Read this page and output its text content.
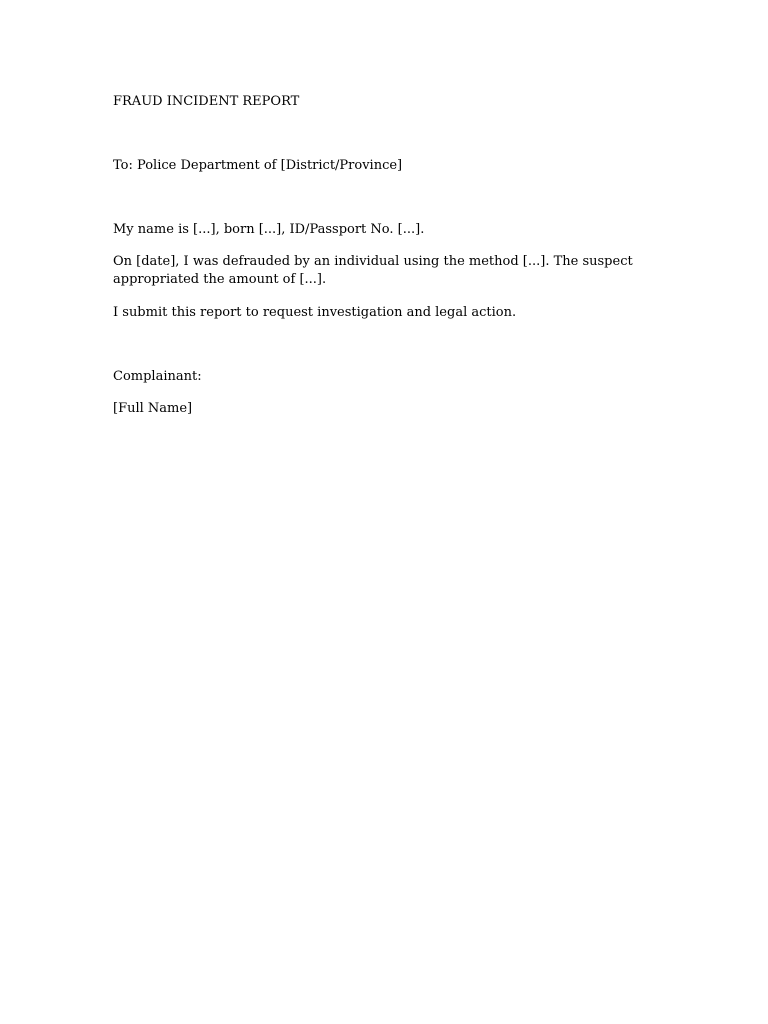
FRAUD INCIDENT REPORT
To: Police Department of [District/Province]
My name is [...], born [...], ID/Passport No. [...].
On [date], I was defrauded by an individual using the method [...]. The suspect appropriated the amount of [...].
I submit this report to request investigation and legal action.
Complainant:
[Full Name]
